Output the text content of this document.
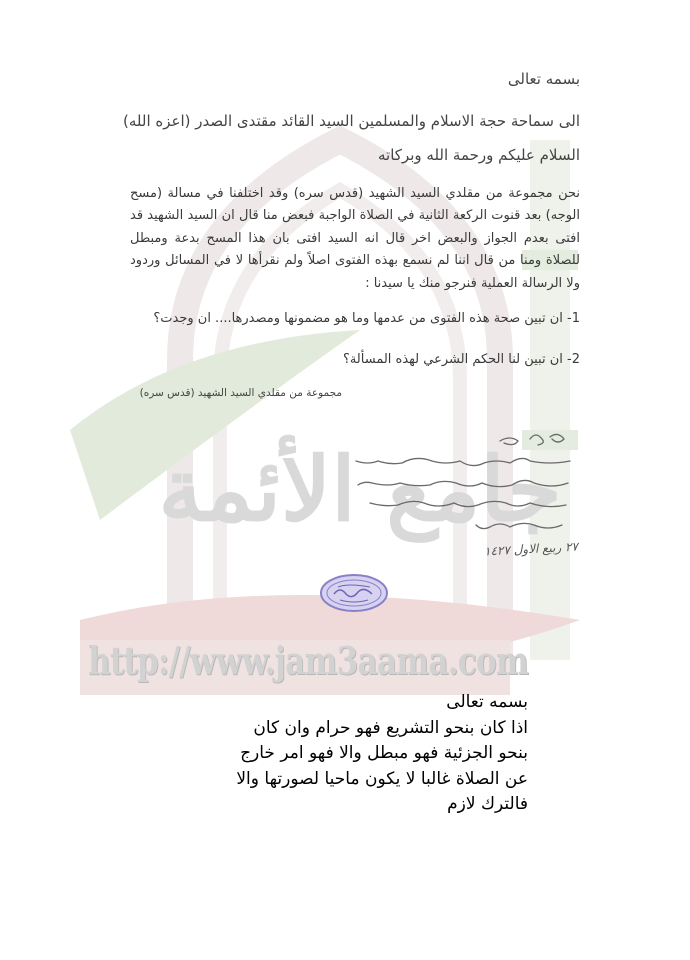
جامع الأئمة
http://www.jam3aama.com
بسمه تعالى
الى سماحة حجة الاسلام والمسلمين السيد القائد مقتدى الصدر (اعزه الله)
السلام عليكم ورحمة الله وبركاته
نحن مجموعة من مقلدي السيد الشهيد (قدس سره) وقد اختلفنا في مسالة (مسح الوجه) بعد قنوت الركعة الثانية في الصلاة الواجبة فبعض منا قال ان السيد الشهيد قد افتى بعدم الجواز والبعض اخر قال انه السيد افتى بان هذا المسح بدعة ومبطل للصلاة ومنا من قال اننا لم نسمع بهذه الفتوى اصلاً ولم نقرأها لا في المسائل وردود ولا الرسالة العملية فنرجو منك يا سيدنا :
1- ان تبين صحة هذه الفتوى من عدمها وما هو مضمونها ومصدرها.... ان وجدت؟
2- ان تبين لنا الحكم الشرعي لهذه المسألة؟
مجموعة من مقلدي السيد الشهيد (قدس سره)
٢٧ ربيع الاول ١٤٢٧
بسمه تعالى
اذا كان بنحو التشريع فهو حرام وان كان
بنحو الجزئية فهو مبطل والا فهو امر خارج
عن الصلاة غالبا لا يكون ماحيا لصورتها والا
فالترك لازم
